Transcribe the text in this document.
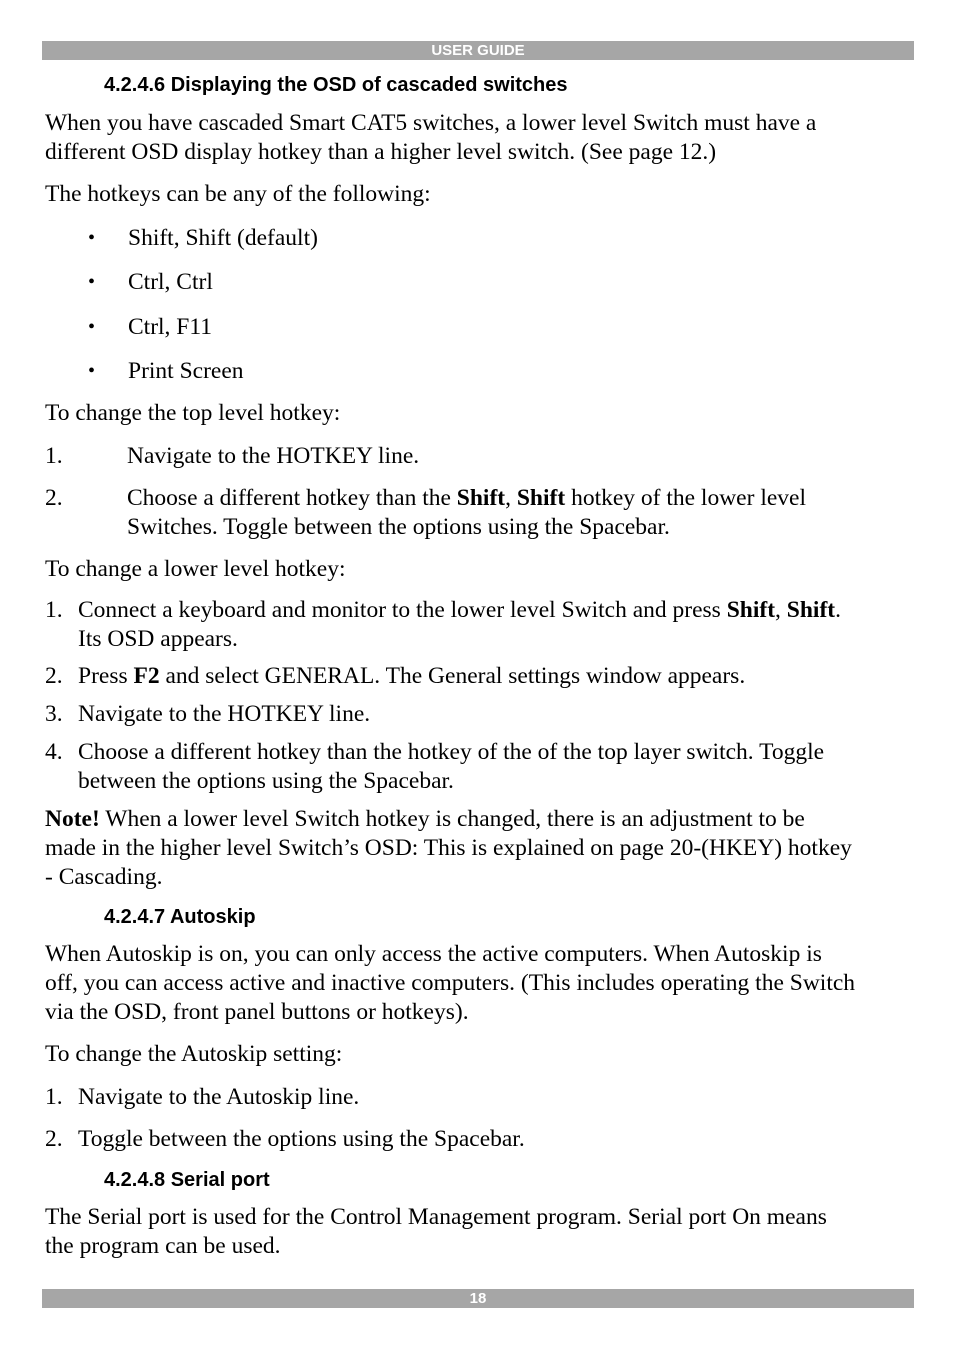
USER GUIDE
4.2.4.6 Displaying the OSD of cascaded switches
When you have cascaded Smart CAT5 switches, a lower level Switch must have a
different OSD display hotkey than a higher level switch. (See page 12.)
The hotkeys can be any of the following:
• Shift, Shift (default)
• Ctrl, Ctrl
• Ctrl, F11
• Print Screen
To change the top level hotkey:
1.	Navigate to the HOTKEY line.
2.	Choose a different hotkey than the Shift, Shift hotkey of the lower level
Switches. Toggle between the options using the Spacebar.
To change a lower level hotkey:
1. Connect a keyboard and monitor to the lower level Switch and press Shift, Shift.
Its OSD appears.
2. Press F2 and select GENERAL. The General settings window appears.
3. Navigate to the HOTKEY line.
4. Choose a different hotkey than the hotkey of the of the top layer switch. Toggle
between the options using the Spacebar.
Note! When a lower level Switch hotkey is changed, there is an adjustment to be
made in the higher level Switch’s OSD: This is explained on page 20-(HKEY) hotkey
- Cascading.
4.2.4.7 Autoskip
When Autoskip is on, you can only access the active computers. When Autoskip is
off, you can access active and inactive computers. (This includes operating the Switch
via the OSD, front panel buttons or hotkeys).
To change the Autoskip setting:
1. Navigate to the Autoskip line.
2. Toggle between the options using the Spacebar.
4.2.4.8 Serial port
The Serial port is used for the Control Management program. Serial port On means
the program can be used.
18
